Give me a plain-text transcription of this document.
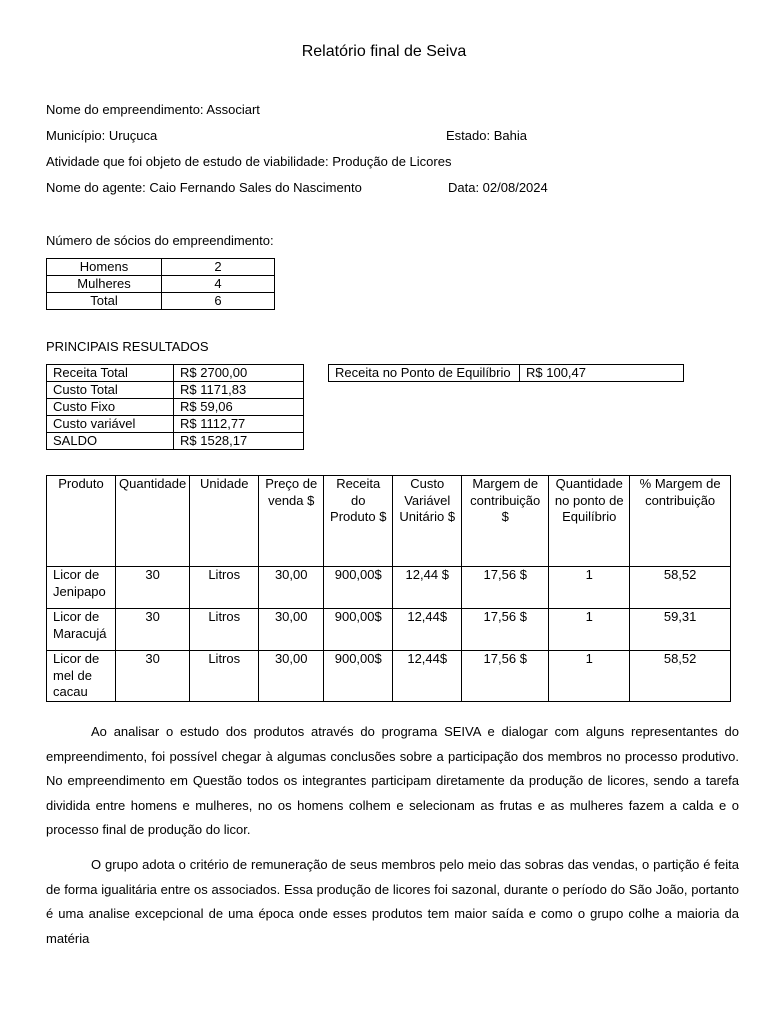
Relatório final de Seiva
Nome do empreendimento: Associart
Município: Uruçuca	Estado: Bahia
Atividade que foi objeto de estudo de viabilidade: Produção de Licores
Nome do agente: Caio Fernando Sales do Nascimento	Data: 02/08/2024
Número de sócios do empreendimento:
Homens	2
Mulheres	4
Total	6
PRINCIPAIS RESULTADOS
Receita Total	R$ 2700,00
Custo Total	R$ 1171,83
Custo Fixo	R$ 59,06
Custo variável	R$ 1112,77
SALDO	R$ 1528,17
Receita no Ponto de Equilíbrio	R$ 100,47
Produto	Quantidade	Unidade	Preço de venda $	Receita do Produto $	Custo Variável Unitário $	Margem de contribuição $	Quantidade no ponto de Equilíbrio	% Margem de contribuição
Licor de Jenipapo	30	Litros	30,00	900,00$	12,44 $	17,56 $	1	58,52
Licor de Maracujá	30	Litros	30,00	900,00$	12,44$	17,56 $	1	59,31
Licor de mel de cacau	30	Litros	30,00	900,00$	12,44$	17,56 $	1	58,52

Ao analisar o estudo dos produtos através do programa SEIVA e dialogar com alguns representantes do empreendimento, foi possível chegar à algumas conclusões sobre a participação dos membros no processo produtivo. No empreendimento em Questão todos os integrantes participam diretamente da produção de licores, sendo a tarefa dividida entre homens e mulheres, no os homens colhem e selecionam as frutas e as mulheres fazem a calda e o processo final de produção do licor.

O grupo adota o critério de remuneração de seus membros pelo meio das sobras das vendas, o partição é feita de forma igualitária entre os associados. Essa produção de licores foi sazonal, durante o período do São João, portanto é uma analise excepcional de uma época onde esses produtos tem maior saída e como o grupo colhe a maioria da matéria
